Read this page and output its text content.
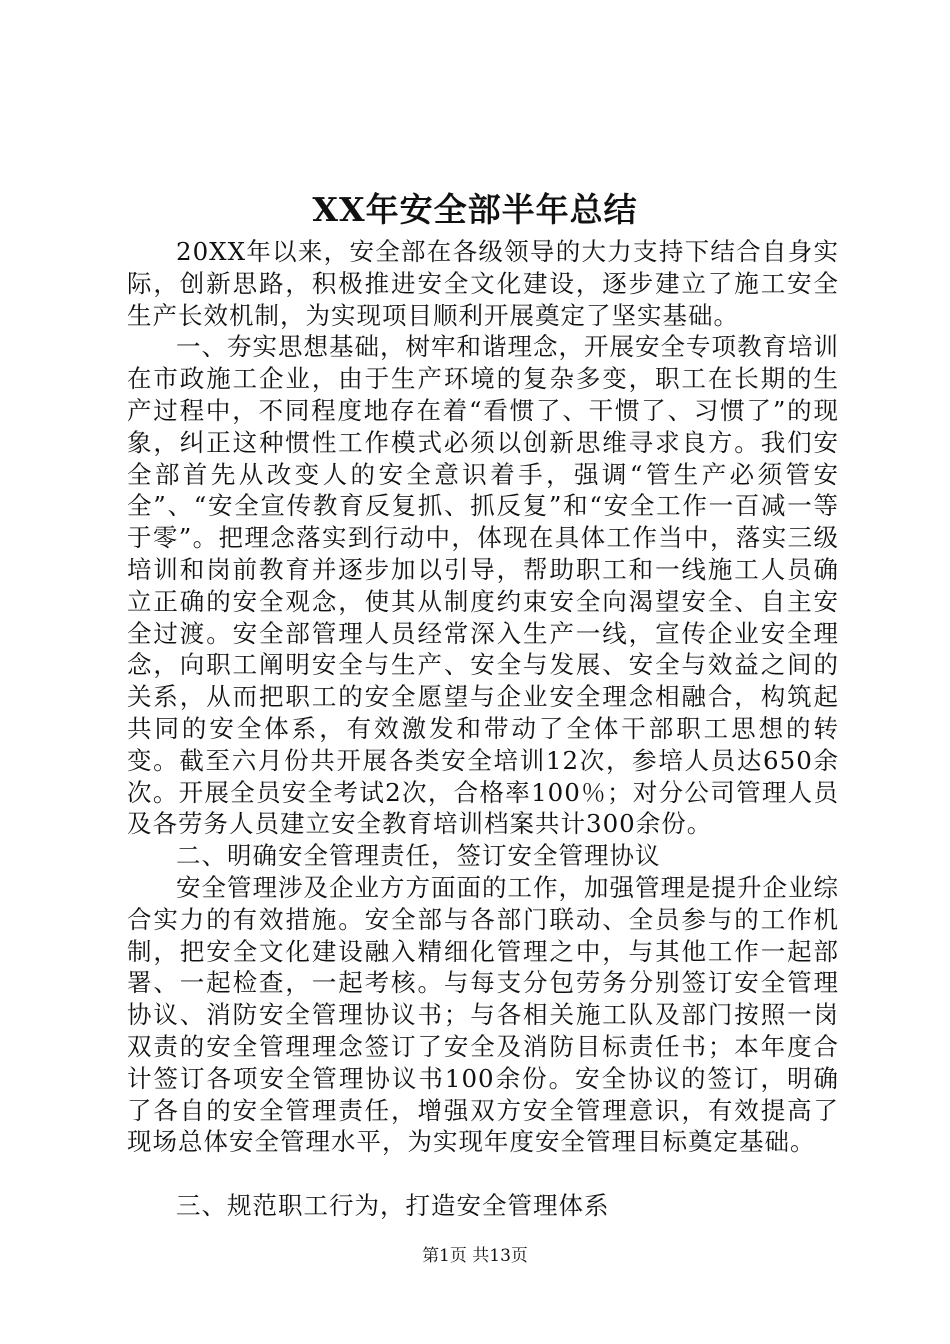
XX年安全部半年总结

20XX年以来，安全部在各级领导的大力支持下结合自身实际，创新思路，积极推进安全文化建设，逐步建立了施工安全生产长效机制，为实现项目顺利开展奠定了坚实基础。

一、夯实思想基础，树牢和谐理念，开展安全专项教育培训在市政施工企业，由于生产环境的复杂多变，职工在长期的生产过程中，不同程度地存在着“看惯了、干惯了、习惯了”的现象，纠正这种惯性工作模式必须以创新思维寻求良方。我们安全部首先从改变人的安全意识着手，强调“管生产必须管安全”、“安全宣传教育反复抓、抓反复”和“安全工作一百减一等于零”。把理念落实到行动中，体现在具体工作当中，落实三级培训和岗前教育并逐步加以引导，帮助职工和一线施工人员确立正确的安全观念，使其从制度约束安全向渴望安全、自主安全过渡。安全部管理人员经常深入生产一线，宣传企业安全理念，向职工阐明安全与生产、安全与发展、安全与效益之间的关系，从而把职工的安全愿望与企业安全理念相融合，构筑起共同的安全体系，有效激发和带动了全体干部职工思想的转变。截至六月份共开展各类安全培训12次，参培人员达650余次。开展全员安全考试2次，合格率100％；对分公司管理人员及各劳务人员建立安全教育培训档案共计300余份。

二、明确安全管理责任，签订安全管理协议

安全管理涉及企业方方面面的工作，加强管理是提升企业综合实力的有效措施。安全部与各部门联动、全员参与的工作机制，把安全文化建设融入精细化管理之中，与其他工作一起部署、一起检查，一起考核。与每支分包劳务分别签订安全管理协议、消防安全管理协议书；与各相关施工队及部门按照一岗双责的安全管理理念签订了安全及消防目标责任书；本年度合计签订各项安全管理协议书100余份。安全协议的签订，明确了各自的安全管理责任，增强双方安全管理意识，有效提高了现场总体安全管理水平，为实现年度安全管理目标奠定基础。

三、规范职工行为，打造安全管理体系

第1页 共13页
